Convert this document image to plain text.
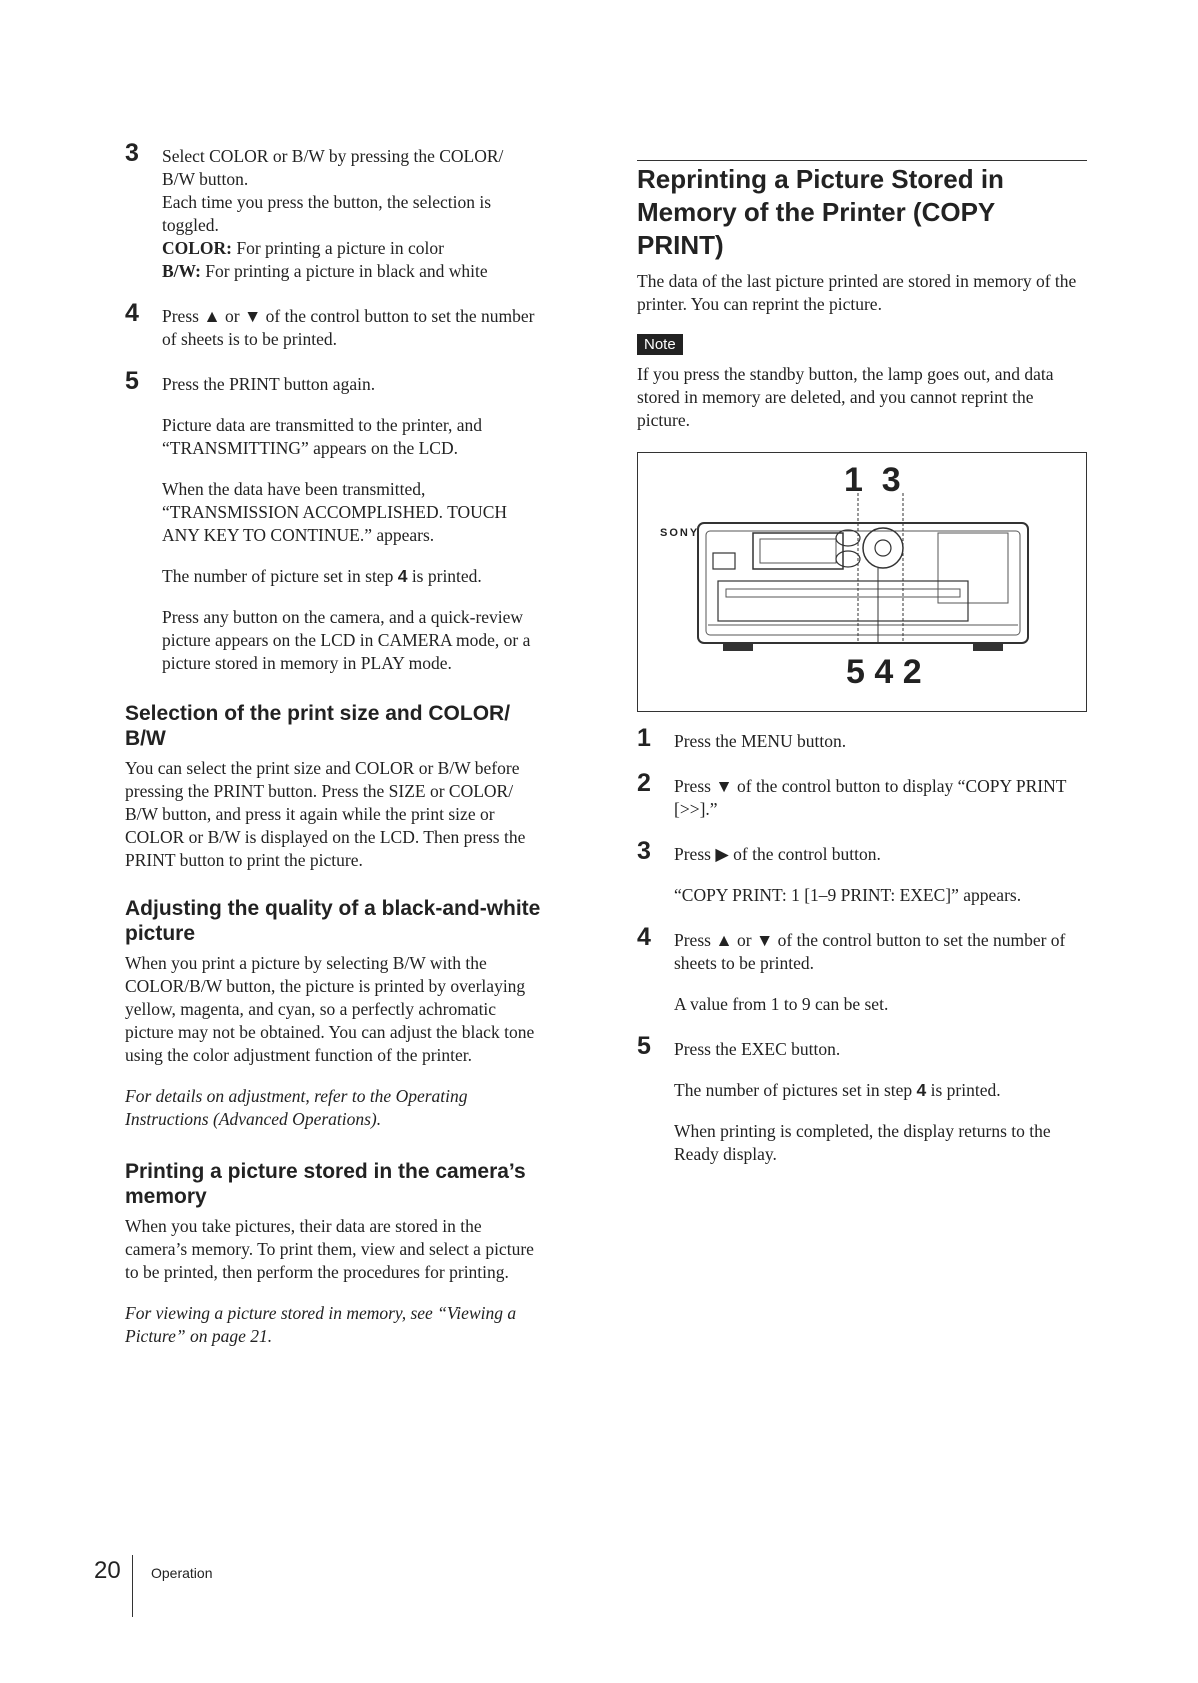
3 Select COLOR or B/W by pressing the COLOR/

B/W button.

Each time you press the button, the selection is toggled.

COLOR: For printing a picture in color

B/W: For printing a picture in black and white

4 Press ▲ or ▼ of the control button to set the number of sheets is to be printed.

5 Press the PRINT button again.

Picture data are transmitted to the printer, and “TRANSMITTING” appears on the LCD.

When the data have been transmitted, “TRANSMISSION ACCOMPLISHED. TOUCH ANY KEY TO CONTINUE.” appears.

The number of picture set in step 4 is printed.

Press any button on the camera, and a quick-review picture appears on the LCD in CAMERA mode, or a picture stored in memory in PLAY mode.

Selection of the print size and COLOR/ B/W

You can select the print size and COLOR or B/W before pressing the PRINT button. Press the SIZE or COLOR/ B/W button, and press it again while the print size or COLOR or B/W is displayed on the LCD. Then press the PRINT button to print the picture.

Adjusting the quality of a black-and-white picture

When you print a picture by selecting B/W with the COLOR/B/W button, the picture is printed by overlaying yellow, magenta, and cyan, so a perfectly achromatic picture may not be obtained. You can adjust the black tone using the color adjustment function of the printer.

For details on adjustment, refer to the Operating Instructions (Advanced Operations).

Printing a picture stored in the camera’s memory

When you take pictures, their data are stored in the camera’s memory. To print them, view and select a picture to be printed, then perform the procedures for printing.

For viewing a picture stored in memory, see “Viewing a Picture” on page 21.

Reprinting a Picture Stored in Memory of the Printer (COPY PRINT)

The data of the last picture printed are stored in memory of the printer. You can reprint the picture.

Note

If you press the standby button, the lamp goes out, and data stored in memory are deleted, and you cannot reprint the picture.

SONY
1  3
5 4 2
1 Press the MENU button.

2 Press ▼ of the control button to display “COPY PRINT [>>].”

3 Press ▶ of the control button.

“COPY PRINT: 1 [1–9 PRINT: EXEC]” appears.

4 Press ▲ or ▼ of the control button to set the number of sheets to be printed.

A value from 1 to 9 can be set.

5 Press the EXEC button.

The number of pictures set in step 4 is printed.

When printing is completed, the display returns to the Ready display.

20 Operation
